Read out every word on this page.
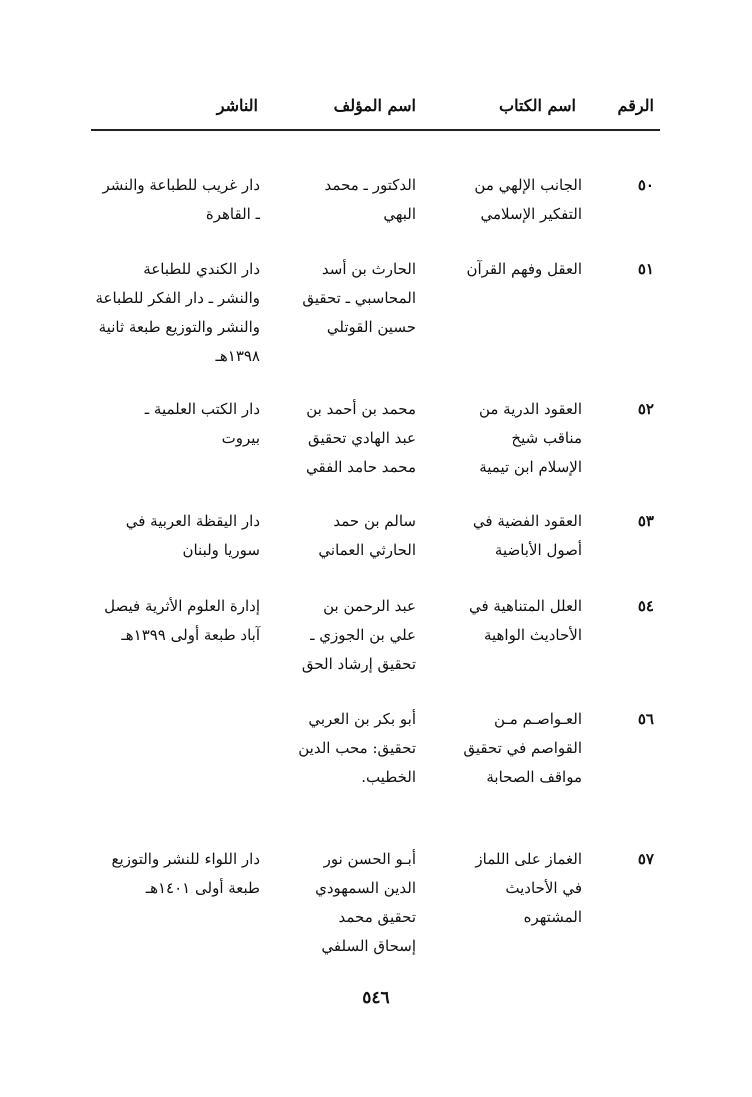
الرقم
اسم الكتاب
اسم المؤلف
الناشر
٥٠
الجانب الإلهي من
التفكير الإسلامي
الدكتور ـ محمد
البهي
دار غريب للطباعة والنشر
ـ القاهرة
٥١
العقل وفهم القرآن
الحارث بن أسد
المحاسبي ـ تحقيق
حسين القوتلي
دار الكندي للطباعة
والنشر ـ دار الفكر للطباعة
والنشر والتوزيع طبعة ثانية
١٣٩٨هـ
٥٢
العقود الدرية من
مناقب شيخ
الإسلام ابن تيمية
محمد بن أحمد بن
عبد الهادي تحقيق
محمد حامد الفقي
دار الكتب العلمية ـ
بيروت
٥٣
العقود الفضية في
أصول الأباضية
سالم بن حمد
الحارثي العماني
دار اليقظة العربية في
سوريا ولبنان
٥٤
العلل المتناهية في
الأحاديث الواهية
عبد الرحمن بن
علي بن الجوزي ـ
تحقيق إرشاد الحق
إدارة العلوم الأثرية فيصل
آباد طبعة أولى ١٣٩٩هـ
٥٦
العـواصـم مـن
القواصم في تحقيق
مواقف الصحابة
أبو بكر بن العربي
تحقيق: محب الدين
الخطيب.
٥٧
الغماز على اللماز
في الأحاديث
المشتهره
أبـو الحسن نور
الدين السمهودي
تحقيق محمد
إسحاق السلفي
دار اللواء للنشر والتوزيع
طبعة أولى ١٤٠١هـ
٥٤٦
